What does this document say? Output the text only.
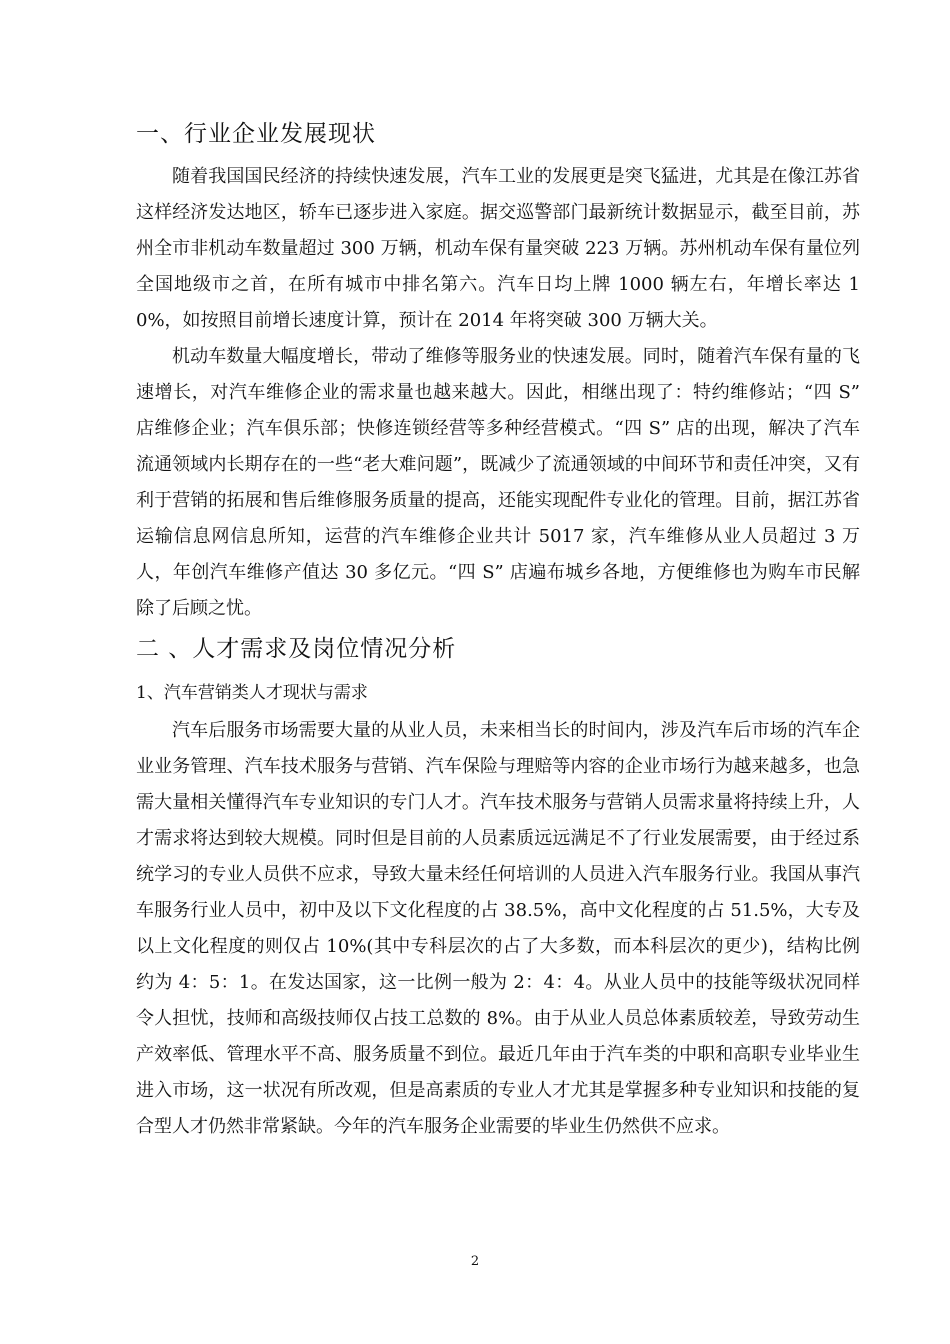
一、行业企业发展现状

随着我国国民经济的持续快速发展，汽车工业的发展更是突飞猛进，尤其是在像江苏省这样经济发达地区，轿车已逐步进入家庭。据交巡警部门最新统计数据显示，截至目前，苏州全市非机动车数量超过 300 万辆，机动车保有量突破 223 万辆。苏州机动车保有量位列全国地级市之首，在所有城市中排名第六。汽车日均上牌 1000 辆左右，年增长率达 10%，如按照目前增长速度计算，预计在 2014 年将突破 300 万辆大关。

机动车数量大幅度增长，带动了维修等服务业的快速发展。同时，随着汽车保有量的飞速增长，对汽车维修企业的需求量也越来越大。因此，相继出现了：特约维修站；“四 S” 店维修企业；汽车俱乐部；快修连锁经营等多种经营模式。“四 S” 店的出现，解决了汽车流通领域内长期存在的一些“老大难问题”，既减少了流通领域的中间环节和责任冲突，又有利于营销的拓展和售后维修服务质量的提高，还能实现配件专业化的管理。目前，据江苏省运输信息网信息所知，运营的汽车维修企业共计 5017 家，汽车维修从业人员超过 3 万人，年创汽车维修产值达 30 多亿元。“四 S” 店遍布城乡各地，方便维修也为购车市民解除了后顾之忧。

二 、人才需求及岗位情况分析
1、汽车营销类人才现状与需求

汽车后服务市场需要大量的从业人员，未来相当长的时间内，涉及汽车后市场的汽车企业业务管理、汽车技术服务与营销、汽车保险与理赔等内容的企业市场行为越来越多，也急需大量相关懂得汽车专业知识的专门人才。汽车技术服务与营销人员需求量将持续上升，人才需求将达到较大规模。同时但是目前的人员素质远远满足不了行业发展需要，由于经过系统学习的专业人员供不应求，导致大量未经任何培训的人员进入汽车服务行业。我国从事汽车服务行业人员中，初中及以下文化程度的占 38.5%，高中文化程度的占 51.5%，大专及以上文化程度的则仅占 10%(其中专科层次的占了大多数，而本科层次的更少)，结构比例约为 4：5：1。在发达国家，这一比例一般为 2：4：4。从业人员中的技能等级状况同样令人担忧，技师和高级技师仅占技工总数的 8%。由于从业人员总体素质较差，导致劳动生产效率低、管理水平不高、服务质量不到位。最近几年由于汽车类的中职和高职专业毕业生进入市场，这一状况有所改观，但是高素质的专业人才尤其是掌握多种专业知识和技能的复合型人才仍然非常紧缺。今年的汽车服务企业需要的毕业生仍然供不应求。

2
